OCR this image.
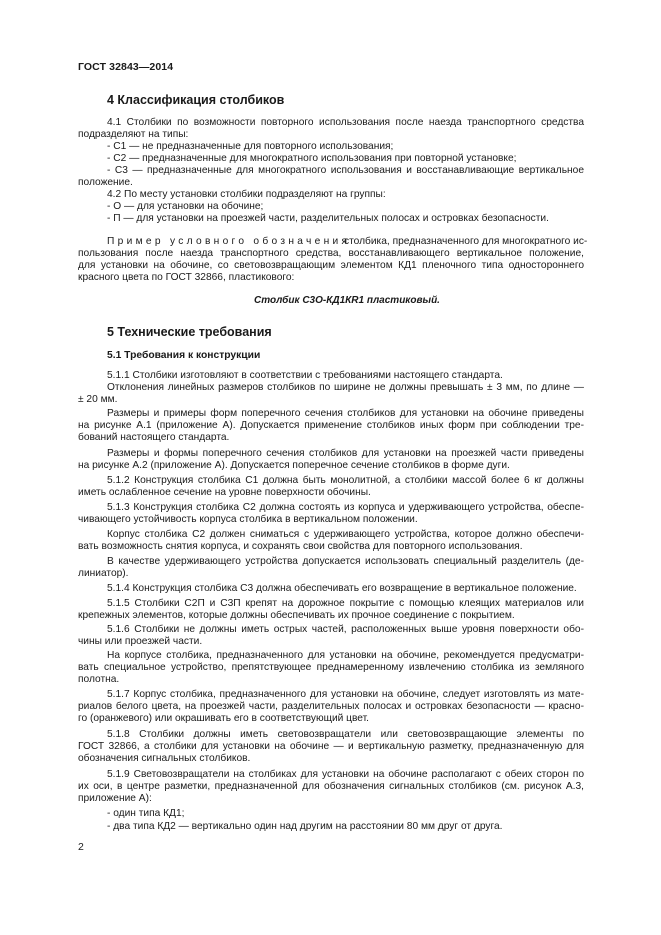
ГОСТ 32843—2014
4 Классификация столбиков
4.1 Столбики по возможности повторного использования после наезда транспортного средства
подразделяют на типы:
- С1 — не предназначенные для повторного использования;
- С2 — предназначенные для многократного использования при повторной установке;
- С3 — предназначенные для многократного использования и восстанавливающие вертикальное
положение.
4.2 По месту установки столбики подразделяют на группы:
- О — для установки на обочине;
- П — для установки на проезжей части, разделительных полосах и островках безопасности.
Пример условного обозначения
столбика, предназначенного для многократного ис-
пользования после наезда транспортного средства, восстанавливающего вертикальное положение,
для установки на обочине, со световозвращающим элементом КД1 пленочного типа одностороннего
красного цвета по ГОСТ 32866, пластикового:
Столбик С3О-КД1КR1 пластиковый.
5 Технические требования
5.1 Требования к конструкции
5.1.1 Столбики изготовляют в соответствии с требованиями настоящего стандарта.
Отклонения линейных размеров столбиков по ширине не должны превышать ± 3 мм, по длине —
± 20 мм.
Размеры и примеры форм поперечного сечения столбиков для установки на обочине приведены
на рисунке А.1 (приложение А). Допускается применение столбиков иных форм при соблюдении тре-
бований настоящего стандарта.
Размеры и формы поперечного сечения столбиков для установки на проезжей части приведены
на рисунке А.2 (приложение А). Допускается поперечное сечение столбиков в форме дуги.
5.1.2 Конструкция столбика С1 должна быть монолитной, а столбики массой более 6 кг должны
иметь ослабленное сечение на уровне поверхности обочины.
5.1.3 Конструкция столбика С2 должна состоять из корпуса и удерживающего устройства, обеспе-
чивающего устойчивость корпуса столбика в вертикальном положении.
Корпус столбика С2 должен сниматься с удерживающего устройства, которое должно обеспечи-
вать возможность снятия корпуса, и сохранять свои свойства для повторного использования.
В качестве удерживающего устройства допускается использовать специальный разделитель (де-
линиатор).
5.1.4 Конструкция столбика С3 должна обеспечивать его возвращение в вертикальное положение.
5.1.5 Столбики С2П и С3П крепят на дорожное покрытие с помощью клеящих материалов или
крепежных элементов, которые должны обеспечивать их прочное соединение с покрытием.
5.1.6 Столбики не должны иметь острых частей, расположенных выше уровня поверхности обо-
чины или проезжей части.
На корпусе столбика, предназначенного для установки на обочине, рекомендуется предусматри-
вать специальное устройство, препятствующее преднамеренному извлечению столбика из земляного
полотна.
5.1.7 Корпус столбика, предназначенного для установки на обочине, следует изготовлять из мате-
риалов белого цвета, на проезжей части, разделительных полосах и островках безопасности — красно-
го (оранжевого) или окрашивать его в соответствующий цвет.
5.1.8 Столбики должны иметь световозвращатели или световозвращающие элементы по
ГОСТ 32866, а столбики для установки на обочине — и вертикальную разметку, предназначенную для
обозначения сигнальных столбиков.
5.1.9 Световозвращатели на столбиках для установки на обочине располагают с обеих сторон по
их оси, в центре разметки, предназначенной для обозначения сигнальных столбиков (см. рисунок А.3,
приложение А):
- один типа КД1;
- два типа КД2 — вертикально один над другим на расстоянии 80 мм друг от друга.
2
